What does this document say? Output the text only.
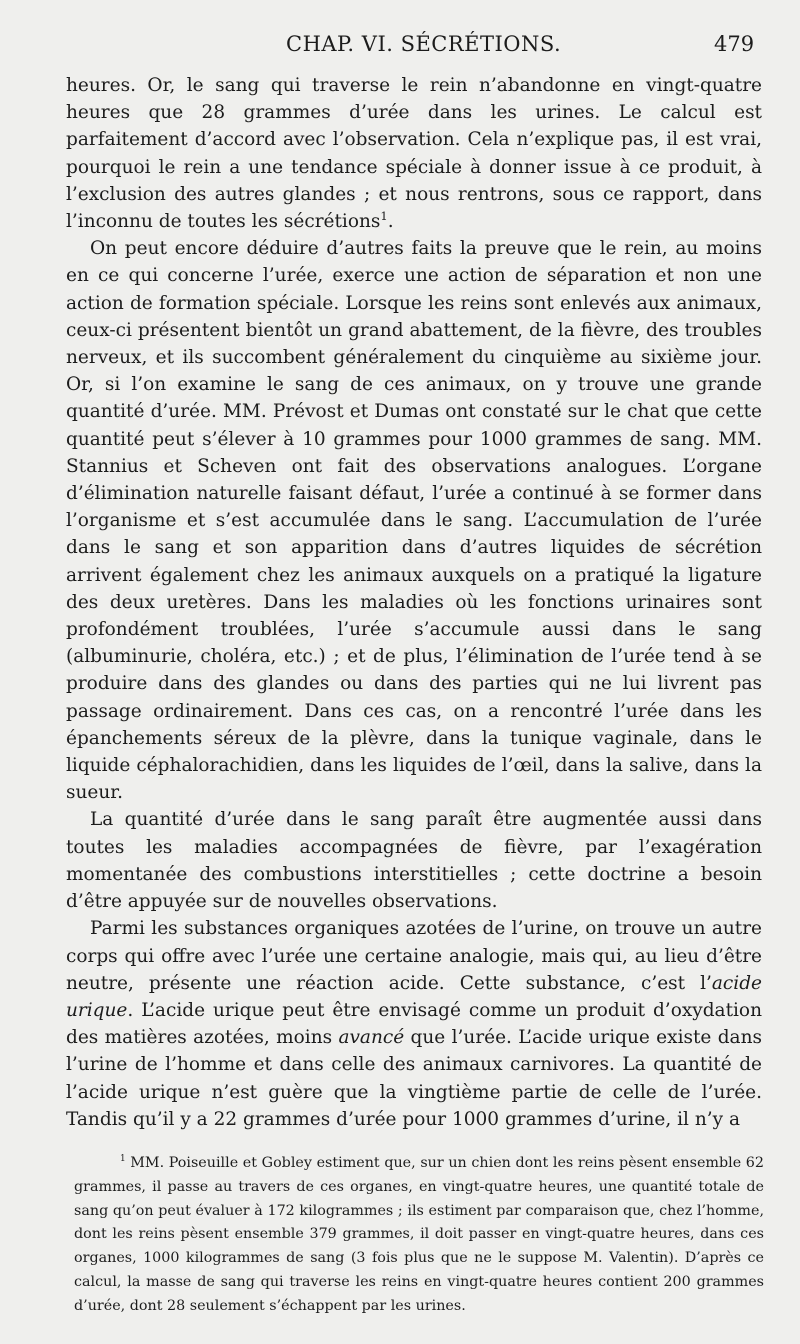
CHAP. VI. SÉCRÉTIONS.	479

heures. Or, le sang qui traverse le rein n’abandonne en vingt-quatre heures que 28 grammes d’urée dans les urines. Le calcul est parfaitement d’accord avec l’observation. Cela n’explique pas, il est vrai, pourquoi le rein a une tendance spéciale à donner issue à ce produit, à l’exclusion des autres glandes ; et nous rentrons, sous ce rapport, dans l’inconnu de toutes les sécrétions$^1$.

On peut encore déduire d’autres faits la preuve que le rein, au moins en ce qui concerne l’urée, exerce une action de séparation et non une action de formation spéciale. Lorsque les reins sont enlevés aux animaux, ceux-ci présentent bientôt un grand abattement, de la fièvre, des troubles nerveux, et ils succombent généralement du cinquième au sixième jour. Or, si l’on examine le sang de ces animaux, on y trouve une grande quantité d’urée. MM. Prévost et Dumas ont constaté sur le chat que cette quantité peut s’élever à 10 grammes pour 1000 grammes de sang. MM. Stannius et Scheven ont fait des observations analogues. L’organe d’élimination naturelle faisant défaut, l’urée a continué à se former dans l’organisme et s’est accumulée dans le sang. L’accumulation de l’urée dans le sang et son apparition dans d’autres liquides de sécrétion arrivent également chez les animaux auxquels on a pratiqué la ligature des deux uretères. Dans les maladies où les fonctions urinaires sont profondément troublées, l’urée s’accumule aussi dans le sang (albuminurie, choléra, etc.) ; et de plus, l’élimination de l’urée tend à se produire dans des glandes ou dans des parties qui ne lui livrent pas passage ordinairement. Dans ces cas, on a rencontré l’urée dans les épanchements séreux de la plèvre, dans la tunique vaginale, dans le liquide céphalorachidien, dans les liquides de l’œil, dans la salive, dans la sueur.

La quantité d’urée dans le sang paraît être augmentée aussi dans toutes les maladies accompagnées de fièvre, par l’exagération momentanée des combustions interstitielles ; cette doctrine a besoin d’être appuyée sur de nouvelles observations.

Parmi les substances organiques azotées de l’urine, on trouve un autre corps qui offre avec l’urée une certaine analogie, mais qui, au lieu d’être neutre, présente une réaction acide. Cette substance, c’est l’acide urique. L’acide urique peut être envisagé comme un produit d’oxydation des matières azotées, moins avancé que l’urée. L’acide urique existe dans l’urine de l’homme et dans celle des animaux carnivores. La quantité de l’acide urique n’est guère que la vingtième partie de celle de l’urée. Tandis qu’il y a 22 grammes d’urée pour 1000 grammes d’urine, il n’y a

$^1$ MM. Poiseuille et Gobley estiment que, sur un chien dont les reins pèsent ensemble 62 grammes, il passe au travers de ces organes, en vingt-quatre heures, une quantité totale de sang qu’on peut évaluer à 172 kilogrammes ; ils estiment par comparaison que, chez l’homme, dont les reins pèsent ensemble 379 grammes, il doit passer en vingt-quatre heures, dans ces organes, 1000 kilogrammes de sang (3 fois plus que ne le suppose M. Valentin). D’après ce calcul, la masse de sang qui traverse les reins en vingt-quatre heures contient 200 grammes d’urée, dont 28 seulement s’échappent par les urines.
